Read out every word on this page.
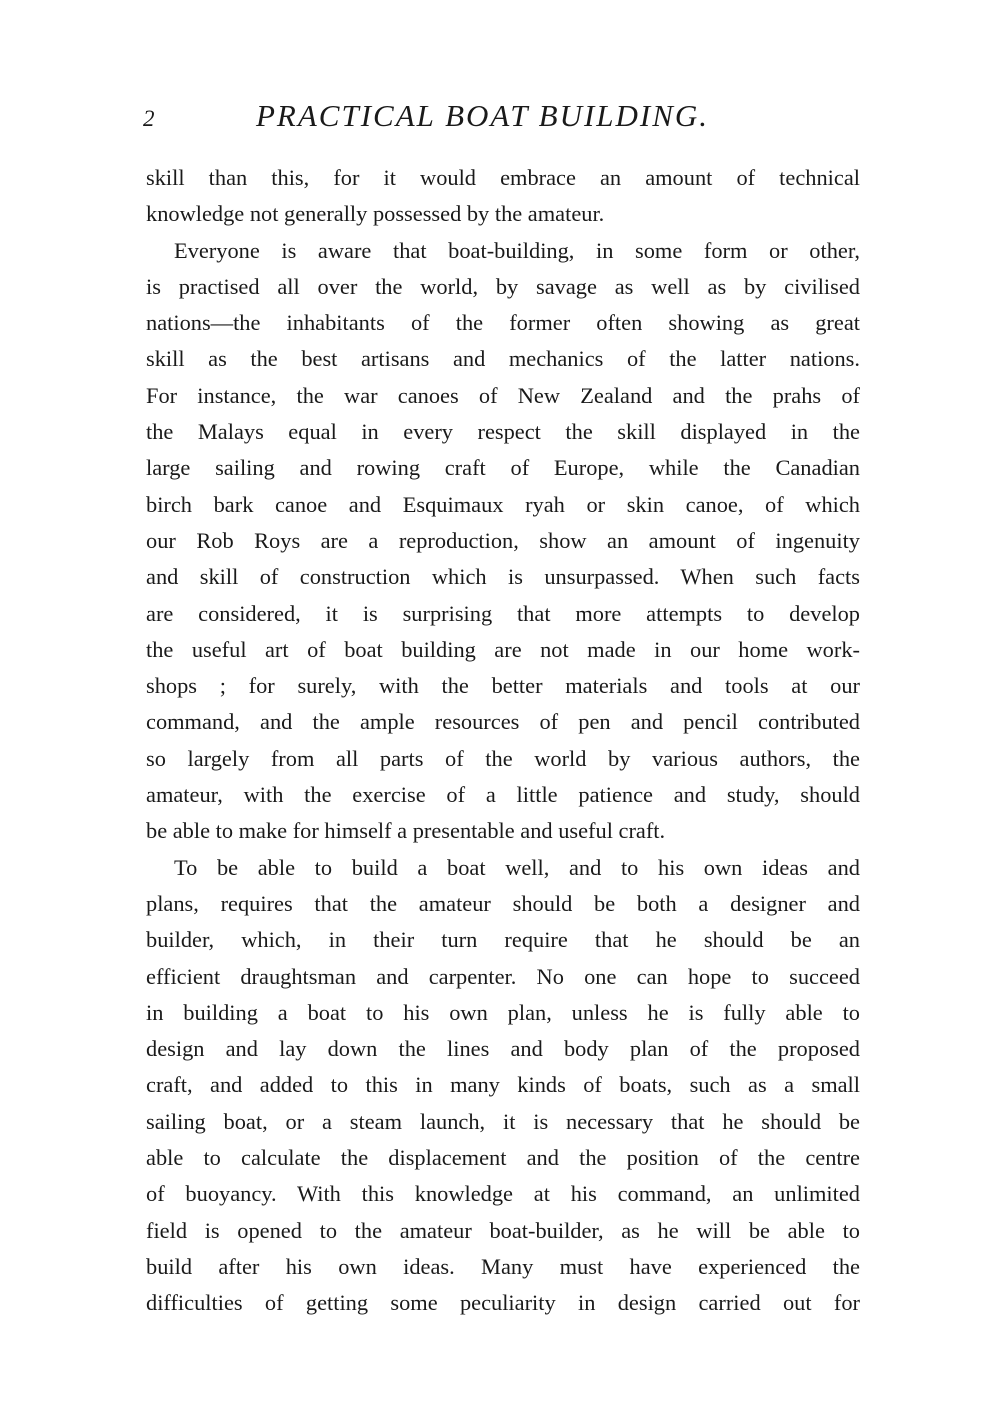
2	PRACTICAL BOAT BUILDING.
skill than this, for it would embrace an amount of technical
knowledge not generally possessed by the amateur.
Everyone is aware that boat-building, in some form or other,
is practised all over the world, by savage as well as by civilised
nations—the inhabitants of the former often showing as great
skill as the best artisans and mechanics of the latter nations.
For instance, the war canoes of New Zealand and the prahs of
the Malays equal in every respect the skill displayed in the
large sailing and rowing craft of Europe, while the Canadian
birch bark canoe and Esquimaux ryah or skin canoe, of which
our Rob Roys are a reproduction, show an amount of ingenuity
and skill of construction which is unsurpassed. When such facts
are considered, it is surprising that more attempts to develop
the useful art of boat building are not made in our home work-
shops ; for surely, with the better materials and tools at our
command, and the ample resources of pen and pencil contributed
so largely from all parts of the world by various authors, the
amateur, with the exercise of a little patience and study, should
be able to make for himself a presentable and useful craft.
To be able to build a boat well, and to his own ideas and
plans, requires that the amateur should be both a designer and
builder, which, in their turn require that he should be an
efficient draughtsman and carpenter. No one can hope to succeed
in building a boat to his own plan, unless he is fully able to
design and lay down the lines and body plan of the proposed
craft, and added to this in many kinds of boats, such as a small
sailing boat, or a steam launch, it is necessary that he should be
able to calculate the displacement and the position of the centre
of buoyancy. With this knowledge at his command, an unlimited
field is opened to the amateur boat-builder, as he will be able to
build after his own ideas. Many must have experienced the
difficulties of getting some peculiarity in design carried out for
